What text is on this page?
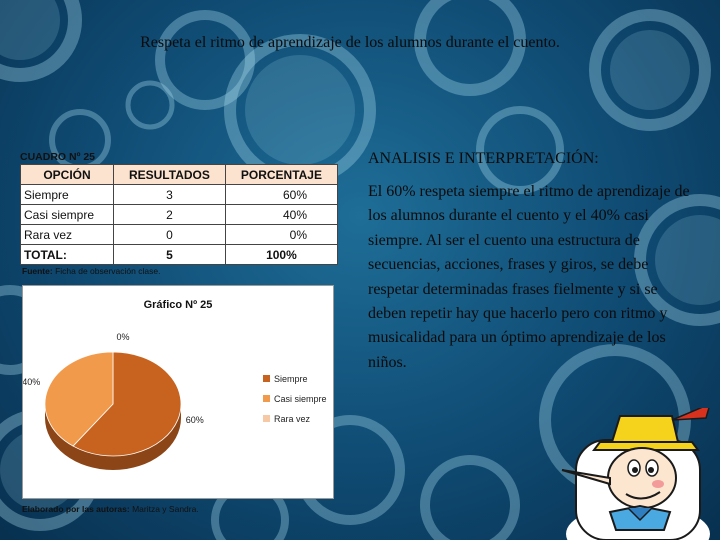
Respeta el ritmo de aprendizaje de los alumnos durante el cuento.
CUADRO Nº 25
OPCIÓN	RESULTADOS	PORCENTAJE
Siempre	3	60%
Casi siempre	2	40%
Rara vez	0	0%
TOTAL:	5	100%
Fuente: Ficha de observación clase.
Gráfico Nº 25
60%
40%
0%
Siempre
Casi siempre
Rara vez
Elaborado por las autoras: Maritza y Sandra.
ANALISIS E INTERPRETACIÓN:
El 60% respeta siempre el ritmo de aprendizaje de los alumnos durante el cuento y el 40% casi siempre. Al ser el cuento una estructura de secuencias, acciones, frases y giros, se debe respetar determinadas frases fielmente y si se deben repetir hay que hacerlo pero con ritmo y musicalidad para un óptimo aprendizaje de los niños.
